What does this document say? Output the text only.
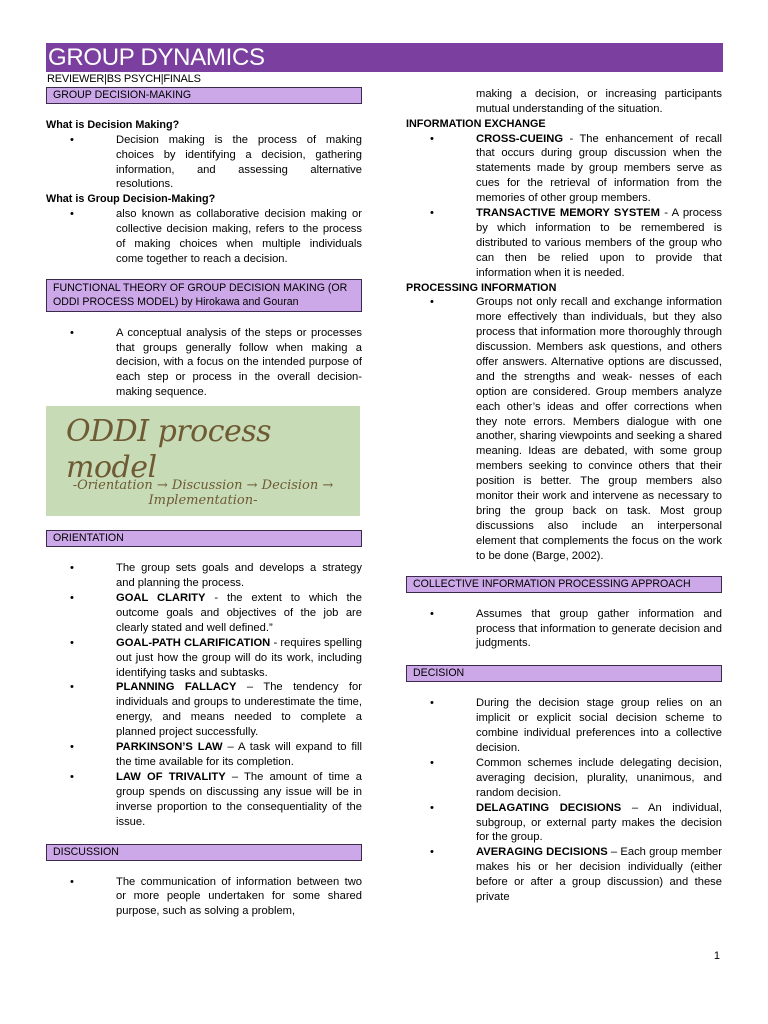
GROUP DYNAMICS
REVIEWER|BS PSYCH|FINALS
GROUP DECISION-MAKING
What is Decision Making?
• Decision making is the process of making choices by identifying a decision, gathering information, and assessing alternative resolutions.
What is Group Decision-Making?
• also known as collaborative decision making or collective decision making, refers to the process of making choices when multiple individuals come together to reach a decision.
FUNCTIONAL THEORY OF GROUP DECISION MAKING (OR ODDI PROCESS MODEL) by Hirokawa and Gouran
• A conceptual analysis of the steps or processes that groups generally follow when making a decision, with a focus on the intended purpose of each step or process in the overall decision-making sequence.
ODDI process model
-Orientation → Discussion → Decision → Implementation-
ORIENTATION
• The group sets goals and develops a strategy and planning the process.
• GOAL CLARITY - the extent to which the outcome goals and objectives of the job are clearly stated and well defined.”
• GOAL-PATH CLARIFICATION - requires spelling out just how the group will do its work, including identifying tasks and subtasks.
• PLANNING FALLACY – The tendency for individuals and groups to underestimate the time, energy, and means needed to complete a planned project successfully.
• PARKINSON’S LAW – A task will expand to fill the time available for its completion.
• LAW OF TRIVALITY – The amount of time a group spends on discussing any issue will be in inverse proportion to the consequentiality of the issue.
DISCUSSION
• The communication of information between two or more people undertaken for some shared purpose, such as solving a problem,
making a decision, or increasing participants mutual understanding of the situation.
INFORMATION EXCHANGE
• CROSS-CUEING - The enhancement of recall that occurs during group discussion when the statements made by group members serve as cues for the retrieval of information from the memories of other group members.
• TRANSACTIVE MEMORY SYSTEM - A process by which information to be remembered is distributed to various members of the group who can then be relied upon to provide that information when it is needed.
PROCESSING INFORMATION
• Groups not only recall and exchange information more effectively than individuals, but they also process that information more thoroughly through discussion. Members ask questions, and others offer answers. Alternative options are discussed, and the strengths and weak- nesses of each option are considered. Group members analyze each other’s ideas and offer corrections when they note errors. Members dialogue with one another, sharing viewpoints and seeking a shared meaning. Ideas are debated, with some group members seeking to convince others that their position is better. The group members also monitor their work and intervene as necessary to bring the group back on task. Most group discussions also include an interpersonal element that complements the focus on the work to be done (Barge, 2002).
COLLECTIVE INFORMATION PROCESSING APPROACH
• Assumes that group gather information and process that information to generate decision and judgments.
DECISION
• During the decision stage group relies on an implicit or explicit social decision scheme to combine individual preferences into a collective decision.
• Common schemes include delegating decision, averaging decision, plurality, unanimous, and random decision.
• DELAGATING DECISIONS – An individual, subgroup, or external party makes the decision for the group.
• AVERAGING DECISIONS – Each group member makes his or her decision individually (either before or after a group discussion) and these private
1
